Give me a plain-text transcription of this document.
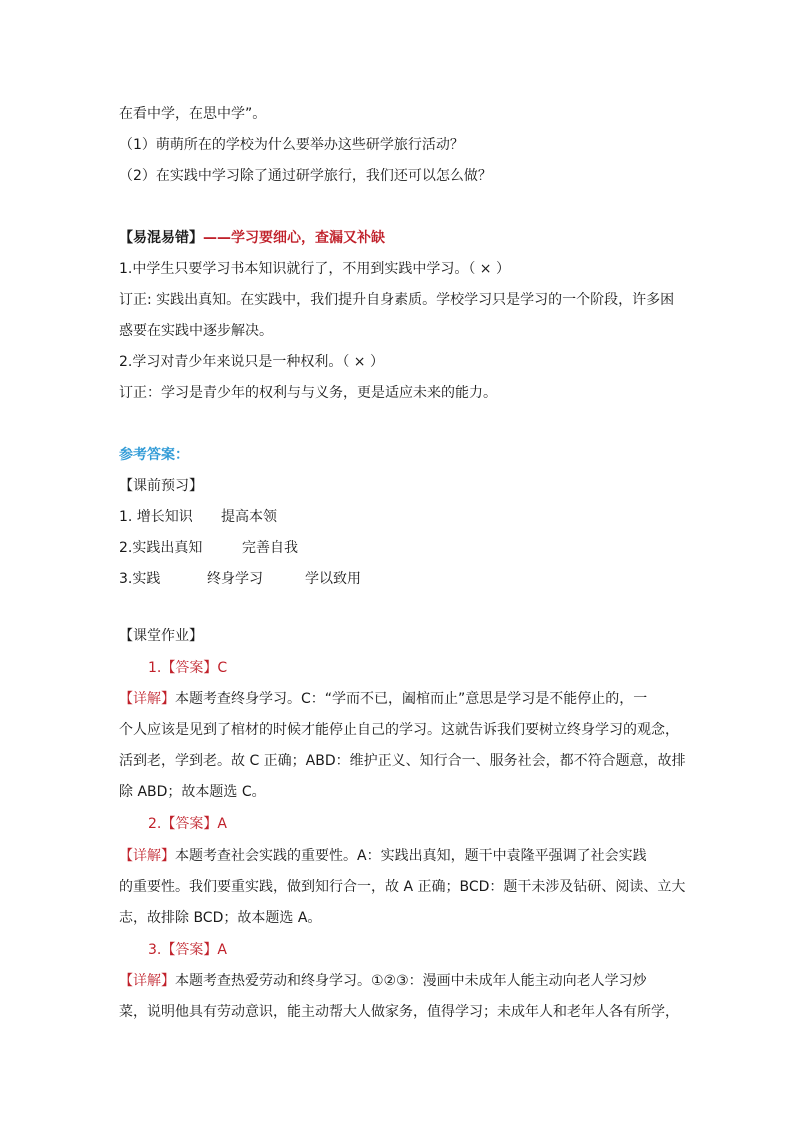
在看中学，在思中学”。
（1）萌萌所在的学校为什么要举办这些研学旅行活动？
（2）在实践中学习除了通过研学旅行，我们还可以怎么做？
【易混易错】——学习要细心，查漏又补缺
1.中学生只要学习书本知识就行了，不用到实践中学习。（ × ）
订正: 实践出真知。在实践中，我们提升自身素质。学校学习只是学习的一个阶段，许多困
惑要在实践中逐步解决。
2.学习对青少年来说只是一种权利。（ × ）
订正：学习是青少年的权利与与义务，更是适应未来的能力。
参考答案：
【课前预习】
1. 增长知识 提高本领
2.实践出真知	完善自我
3.实践	终身学习	学以致用
【课堂作业】
1.【答案】C
【详解】本题考查终身学习。C：“学而不已，阖棺而止”意思是学习是不能停止的，一
个人应该是见到了棺材的时候才能停止自己的学习。这就告诉我们要树立终身学习的观念，
活到老，学到老。故 C 正确；ABD：维护正义、知行合一、服务社会，都不符合题意，故排
除 ABD；故本题选 C。
2.【答案】A
【详解】本题考查社会实践的重要性。A：实践出真知，题干中袁隆平强调了社会实践
的重要性。我们要重实践，做到知行合一，故 A 正确；BCD：题干未涉及钻研、阅读、立大
志，故排除 BCD；故本题选 A。
3.【答案】A
【详解】本题考查热爱劳动和终身学习。①②③：漫画中未成年人能主动向老人学习炒
菜，说明他具有劳动意识，能主动帮大人做家务，值得学习；未成年人和老年人各有所学，
